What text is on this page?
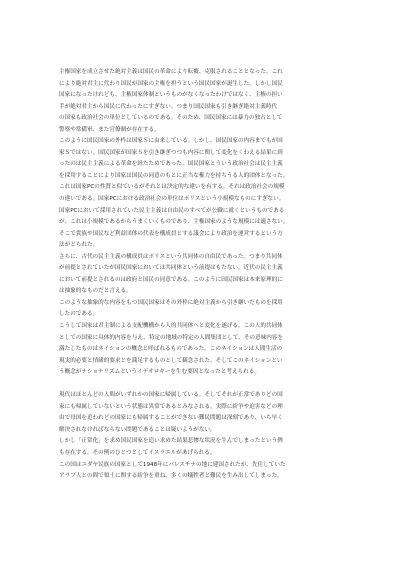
主権国家を成立させた絶対主義は国民の革命により転覆、克服されることとなった。これ
により絶対君主に代わり国民が国家の主権を担うという国民国家が誕生した。しかし国民
国家になったけれども、主権国家体制というものがなくなったわけではなく、主権の担い
手が絶対君主から国民に代わったにすぎない。つまり国民国家も引き継ぎ絶対主義時代
の国家も政治社会の単位としているのである。そのため、国民国家には暴力の独占として
警察や常備軍、また官僚制が存在する。
このように国民国家の外枠は国家Ｓに由来している。しかし、国民国家の内容までもが国
家Ｓではない。国民国家が国家Ｓを引き継ぎつつも内容に関して変化をくわえる結果に到
ったのは民主主義による革命を経たためであった。国民国家とういう政治社会は民主主義
を採用することにより国家は国民の同意のもとに正当な権力を持ちうる人的団体となった。
これは国家PCの性質と似ているがそれとは決定的な違いを有する。それは政治社会の規模
の違いである。国家PCにおける政治社会の単位はポリスという小規模なものにすぎない。
国家PCにおいて採用されていた民主主義は自由民のすべてが公職に就くというものである
が、これは小規模であるからうまくいくものであり、主権国家のような規模には適さない。
そこで貴族や国民など利益団体の代表を構成員とする議会により政治を運営するという方
法がとられた。
さらに、古代の民主主義の構成員はポリスという共同体の自由民であった。つまり共同体
が前提とされていたが国民国家においては共同体という前提はもたない。近代の民主主義
において前提とされるのは政府と国民の同意である。このように国民国家は本来原理的に
は抽象的なものだと言える。
このような抽象的な内容をもつ国民国家はその外枠に絶対主義から引き継いだものを採用
したのである。
こうして国家は君主制による支配機構から人的共同体へと変化を遂げる。この人的共同体
としての国家に具体的内容を与え、特定の地域の特定の人間集団として、その意味内容を
満たしたものはネイションの概念と呼ばれるものであった。このネイションは人間生活の
現実的必要と情緒的要求とを満足するものとして観念された。そしてこのネイションとい
う概念がナショナリズムというイデオロギーを生む要因となったと考えられる。
現代はほとんどの人間がいずれかの国家に帰属している。そしてそれが正常でありどの国
家にも帰属していないという状態は異常であるとみなされる。実際に紛争や迫害などの理
由で母国を追われどの国家にも帰属することができない難民問題は深刻であり、いち早く
解決されなければならない問題であることは疑いようがない。
しかし「正常化」を求め国民国家を追い求めた結果悲惨な状況を生んでしまったという例
も存在する。その例のひとつとしてイスラエルがあげられる。
この国はユダヤ民族の国家として1948年にパレスチナの地に建国されたが、先住していた
アラブ人との間で領土に関する紛争を重ね、多くの犠牲者と難民を生み出してしまった。
